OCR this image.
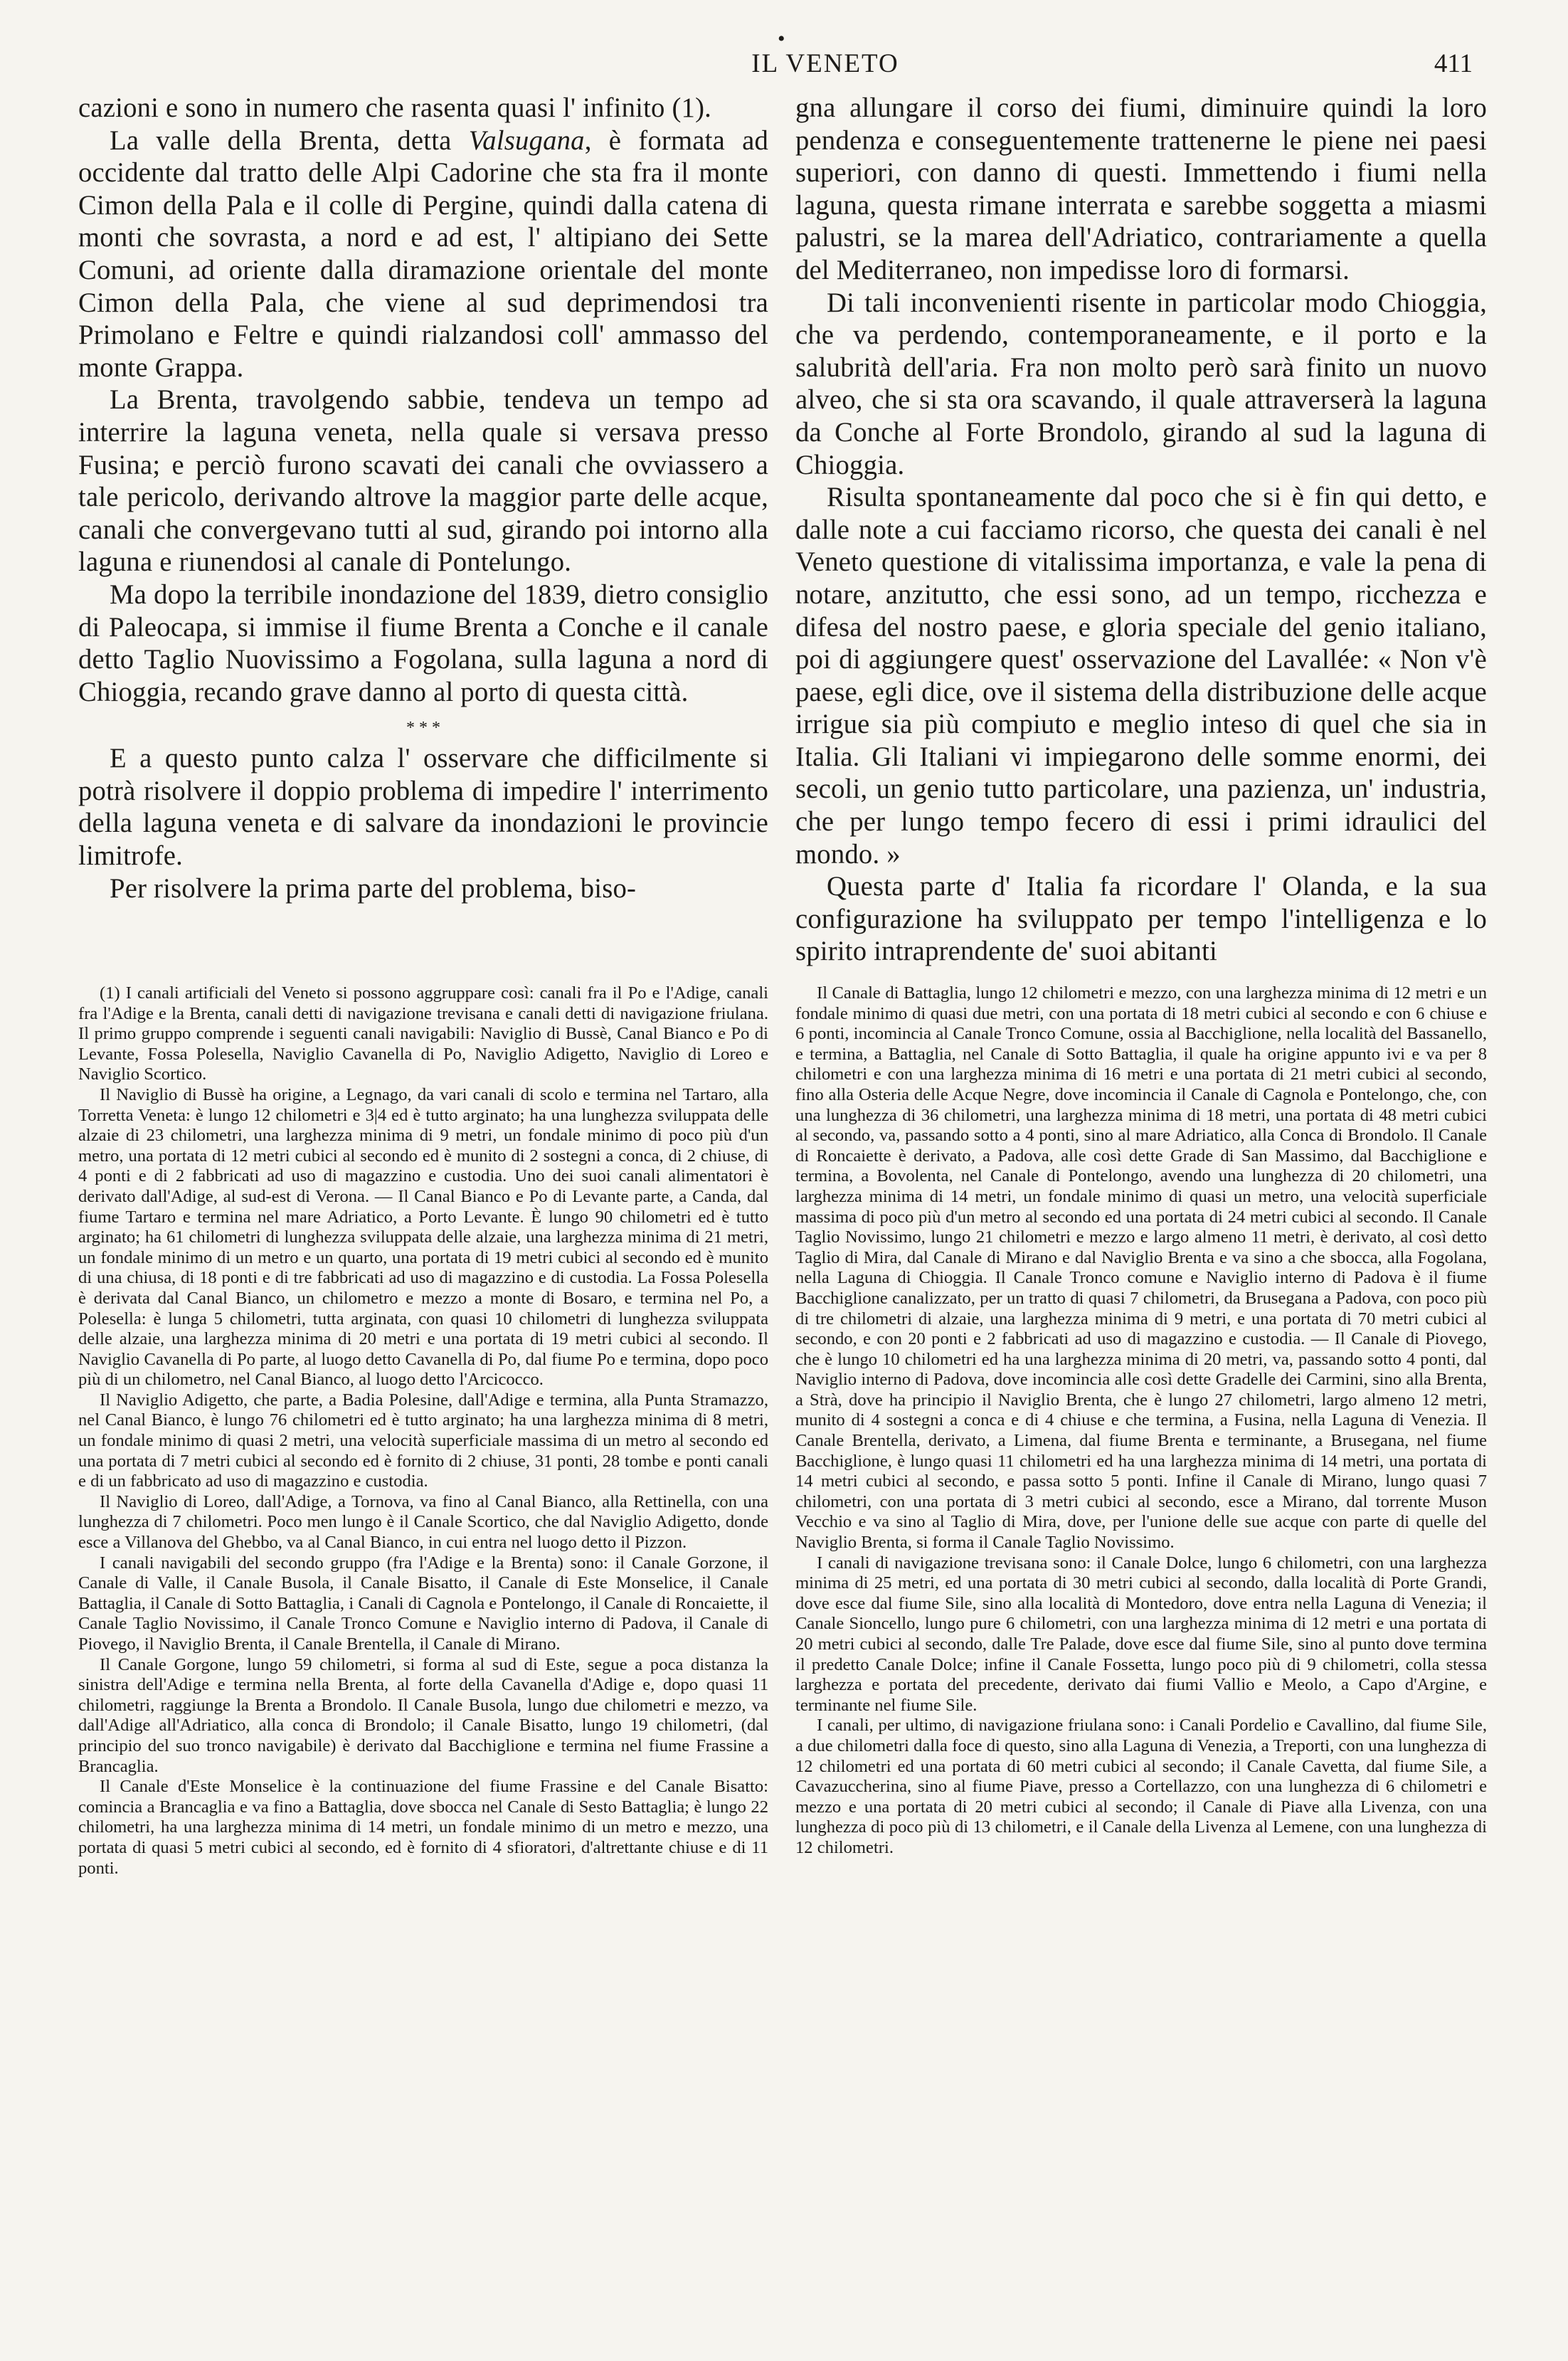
•
IL VENETO	411

cazioni e sono in numero che rasenta quasi l' infinito (1).

La valle della Brenta, detta Valsugana, è formata ad occidente dal tratto delle Alpi Cadorine che sta fra il monte Cimon della Pala e il colle di Pergine, quindi dalla catena di monti che sovrasta, a nord e ad est, l' altipiano dei Sette Comuni, ad oriente dalla diramazione orientale del monte Cimon della Pala, che viene al sud deprimendosi tra Primolano e Feltre e quindi rialzandosi coll' ammasso del monte Grappa.

La Brenta, travolgendo sabbie, tendeva un tempo ad interrire la laguna veneta, nella quale si versava presso Fusina; e perciò furono scavati dei canali che ovviassero a tale pericolo, derivando altrove la maggior parte delle acque, canali che convergevano tutti al sud, girando poi intorno alla laguna e riunendosi al canale di Pontelungo.

Ma dopo la terribile inondazione del 1839, dietro consiglio di Paleocapa, si immise il fiume Brenta a Conche e il canale detto Taglio Nuovissimo a Fogolana, sulla laguna a nord di Chioggia, recando grave danno al porto di questa città.

* * *

E a questo punto calza l' osservare che difficilmente si potrà risolvere il doppio problema di impedire l' interrimento della laguna veneta e di salvare da inondazioni le provincie limitrofe.

Per risolvere la prima parte del problema, biso-

gna allungare il corso dei fiumi, diminuire quindi la loro pendenza e conseguentemente trattenerne le piene nei paesi superiori, con danno di questi. Immettendo i fiumi nella laguna, questa rimane interrata e sarebbe soggetta a miasmi palustri, se la marea dell'Adriatico, contrariamente a quella del Mediterraneo, non impedisse loro di formarsi.

Di tali inconvenienti risente in particolar modo Chioggia, che va perdendo, contemporaneamente, e il porto e la salubrità dell'aria. Fra non molto però sarà finito un nuovo alveo, che si sta ora scavando, il quale attraverserà la laguna da Conche al Forte Brondolo, girando al sud la laguna di Chioggia.

Risulta spontaneamente dal poco che si è fin qui detto, e dalle note a cui facciamo ricorso, che questa dei canali è nel Veneto questione di vitalissima importanza, e vale la pena di notare, anzitutto, che essi sono, ad un tempo, ricchezza e difesa del nostro paese, e gloria speciale del genio italiano, poi di aggiungere quest' osservazione del Lavallée: « Non v'è paese, egli dice, ove il sistema della distribuzione delle acque irrigue sia più compiuto e meglio inteso di quel che sia in Italia. Gli Italiani vi impiegarono delle somme enormi, dei secoli, un genio tutto particolare, una pazienza, un' industria, che per lungo tempo fecero di essi i primi idraulici del mondo. »

Questa parte d' Italia fa ricordare l' Olanda, e la sua configurazione ha sviluppato per tempo l'intelligenza e lo spirito intraprendente de' suoi abitanti

(1) I canali artificiali del Veneto si possono aggruppare così: canali fra il Po e l'Adige, canali fra l'Adige e la Brenta, canali detti di navigazione trevisana e canali detti di navigazione friulana. Il primo gruppo comprende i seguenti canali navigabili: Naviglio di Bussè, Canal Bianco e Po di Levante, Fossa Polesella, Naviglio Cavanella di Po, Naviglio Adigetto, Naviglio di Loreo e Naviglio Scortico.

Il Naviglio di Bussè ha origine, a Legnago, da vari canali di scolo e termina nel Tartaro, alla Torretta Veneta: è lungo 12 chilometri e 3|4 ed è tutto arginato; ha una lunghezza sviluppata delle alzaie di 23 chilometri, una larghezza minima di 9 metri, un fondale minimo di poco più d'un metro, una portata di 12 metri cubici al secondo ed è munito di 2 sostegni a conca, di 2 chiuse, di 4 ponti e di 2 fabbricati ad uso di magazzino e custodia. Uno dei suoi canali alimentatori è derivato dall'Adige, al sud-est di Verona. — Il Canal Bianco e Po di Levante parte, a Canda, dal fiume Tartaro e termina nel mare Adriatico, a Porto Levante. È lungo 90 chilometri ed è tutto arginato; ha 61 chilometri di lunghezza sviluppata delle alzaie, una larghezza minima di 21 metri, un fondale minimo di un metro e un quarto, una portata di 19 metri cubici al secondo ed è munito di una chiusa, di 18 ponti e di tre fabbricati ad uso di magazzino e di custodia. La Fossa Polesella è derivata dal Canal Bianco, un chilometro e mezzo a monte di Bosaro, e termina nel Po, a Polesella: è lunga 5 chilometri, tutta arginata, con quasi 10 chilometri di lunghezza sviluppata delle alzaie, una larghezza minima di 20 metri e una portata di 19 metri cubici al secondo. Il Naviglio Cavanella di Po parte, al luogo detto Cavanella di Po, dal fiume Po e termina, dopo poco più di un chilometro, nel Canal Bianco, al luogo detto l'Arcicocco.

Il Naviglio Adigetto, che parte, a Badia Polesine, dall'Adige e termina, alla Punta Stramazzo, nel Canal Bianco, è lungo 76 chilometri ed è tutto arginato; ha una larghezza minima di 8 metri, un fondale minimo di quasi 2 metri, una velocità superficiale massima di un metro al secondo ed una portata di 7 metri cubici al secondo ed è fornito di 2 chiuse, 31 ponti, 28 tombe e ponti canali e di un fabbricato ad uso di magazzino e custodia.

Il Naviglio di Loreo, dall'Adige, a Tornova, va fino al Canal Bianco, alla Rettinella, con una lunghezza di 7 chilometri. Poco men lungo è il Canale Scortico, che dal Naviglio Adigetto, donde esce a Villanova del Ghebbo, va al Canal Bianco, in cui entra nel luogo detto il Pizzon.

I canali navigabili del secondo gruppo (fra l'Adige e la Brenta) sono: il Canale Gorzone, il Canale di Valle, il Canale Busola, il Canale Bisatto, il Canale di Este Monselice, il Canale Battaglia, il Canale di Sotto Battaglia, i Canali di Cagnola e Pontelongo, il Canale di Roncaiette, il Canale Taglio Novissimo, il Canale Tronco Comune e Naviglio interno di Padova, il Canale di Piovego, il Naviglio Brenta, il Canale Brentella, il Canale di Mirano.

Il Canale Gorgone, lungo 59 chilometri, si forma al sud di Este, segue a poca distanza la sinistra dell'Adige e termina nella Brenta, al forte della Cavanella d'Adige e, dopo quasi 11 chilometri, raggiunge la Brenta a Brondolo. Il Canale Busola, lungo due chilometri e mezzo, va dall'Adige all'Adriatico, alla conca di Brondolo; il Canale Bisatto, lungo 19 chilometri, (dal principio del suo tronco navigabile) è derivato dal Bacchiglione e termina nel fiume Frassine a Brancaglia.

Il Canale d'Este Monselice è la continuazione del fiume Frassine e del Canale Bisatto: comincia a Brancaglia e va fino a Battaglia, dove sbocca nel Canale di Sesto Battaglia; è lungo 22 chilometri, ha una larghezza minima di 14 metri, un fondale minimo di un metro e mezzo, una portata di quasi 5 metri cubici al secondo, ed è fornito di 4 sfioratori, d'altrettante chiuse e di 11 ponti.

Il Canale di Battaglia, lungo 12 chilometri e mezzo, con una larghezza minima di 12 metri e un fondale minimo di quasi due metri, con una portata di 18 metri cubici al secondo e con 6 chiuse e 6 ponti, incomincia al Canale Tronco Comune, ossia al Bacchiglione, nella località del Bassanello, e termina, a Battaglia, nel Canale di Sotto Battaglia, il quale ha origine appunto ivi e va per 8 chilometri e con una larghezza minima di 16 metri e una portata di 21 metri cubici al secondo, fino alla Osteria delle Acque Negre, dove incomincia il Canale di Cagnola e Pontelongo, che, con una lunghezza di 36 chilometri, una larghezza minima di 18 metri, una portata di 48 metri cubici al secondo, va, passando sotto a 4 ponti, sino al mare Adriatico, alla Conca di Brondolo. Il Canale di Roncaiette è derivato, a Padova, alle così dette Grade di San Massimo, dal Bacchiglione e termina, a Bovolenta, nel Canale di Pontelongo, avendo una lunghezza di 20 chilometri, una larghezza minima di 14 metri, un fondale minimo di quasi un metro, una velocità superficiale massima di poco più d'un metro al secondo ed una portata di 24 metri cubici al secondo. Il Canale Taglio Novissimo, lungo 21 chilometri e mezzo e largo almeno 11 metri, è derivato, al così detto Taglio di Mira, dal Canale di Mirano e dal Naviglio Brenta e va sino a che sbocca, alla Fogolana, nella Laguna di Chioggia. Il Canale Tronco comune e Naviglio interno di Padova è il fiume Bacchiglione canalizzato, per un tratto di quasi 7 chilometri, da Brusegana a Padova, con poco più di tre chilometri di alzaie, una larghezza minima di 9 metri, e una portata di 70 metri cubici al secondo, e con 20 ponti e 2 fabbricati ad uso di magazzino e custodia. — Il Canale di Piovego, che è lungo 10 chilometri ed ha una larghezza minima di 20 metri, va, passando sotto 4 ponti, dal Naviglio interno di Padova, dove incomincia alle così dette Gradelle dei Carmini, sino alla Brenta, a Strà, dove ha principio il Naviglio Brenta, che è lungo 27 chilometri, largo almeno 12 metri, munito di 4 sostegni a conca e di 4 chiuse e che termina, a Fusina, nella Laguna di Venezia. Il Canale Brentella, derivato, a Limena, dal fiume Brenta e terminante, a Brusegana, nel fiume Bacchiglione, è lungo quasi 11 chilometri ed ha una larghezza minima di 14 metri, una portata di 14 metri cubici al secondo, e passa sotto 5 ponti. Infine il Canale di Mirano, lungo quasi 7 chilometri, con una portata di 3 metri cubici al secondo, esce a Mirano, dal torrente Muson Vecchio e va sino al Taglio di Mira, dove, per l'unione delle sue acque con parte di quelle del Naviglio Brenta, si forma il Canale Taglio Novissimo.

I canali di navigazione trevisana sono: il Canale Dolce, lungo 6 chilometri, con una larghezza minima di 25 metri, ed una portata di 30 metri cubici al secondo, dalla località di Porte Grandi, dove esce dal fiume Sile, sino alla località di Montedoro, dove entra nella Laguna di Venezia; il Canale Sioncello, lungo pure 6 chilometri, con una larghezza minima di 12 metri e una portata di 20 metri cubici al secondo, dalle Tre Palade, dove esce dal fiume Sile, sino al punto dove termina il predetto Canale Dolce; infine il Canale Fossetta, lungo poco più di 9 chilometri, colla stessa larghezza e portata del precedente, derivato dai fiumi Vallio e Meolo, a Capo d'Argine, e terminante nel fiume Sile.

I canali, per ultimo, di navigazione friulana sono: i Canali Pordelio e Cavallino, dal fiume Sile, a due chilometri dalla foce di questo, sino alla Laguna di Venezia, a Treporti, con una lunghezza di 12 chilometri ed una portata di 60 metri cubici al secondo; il Canale Cavetta, dal fiume Sile, a Cavazuccherina, sino al fiume Piave, presso a Cortellazzo, con una lunghezza di 6 chilometri e mezzo e una portata di 20 metri cubici al secondo; il Canale di Piave alla Livenza, con una lunghezza di poco più di 13 chilometri, e il Canale della Livenza al Lemene, con una lunghezza di 12 chilometri.
